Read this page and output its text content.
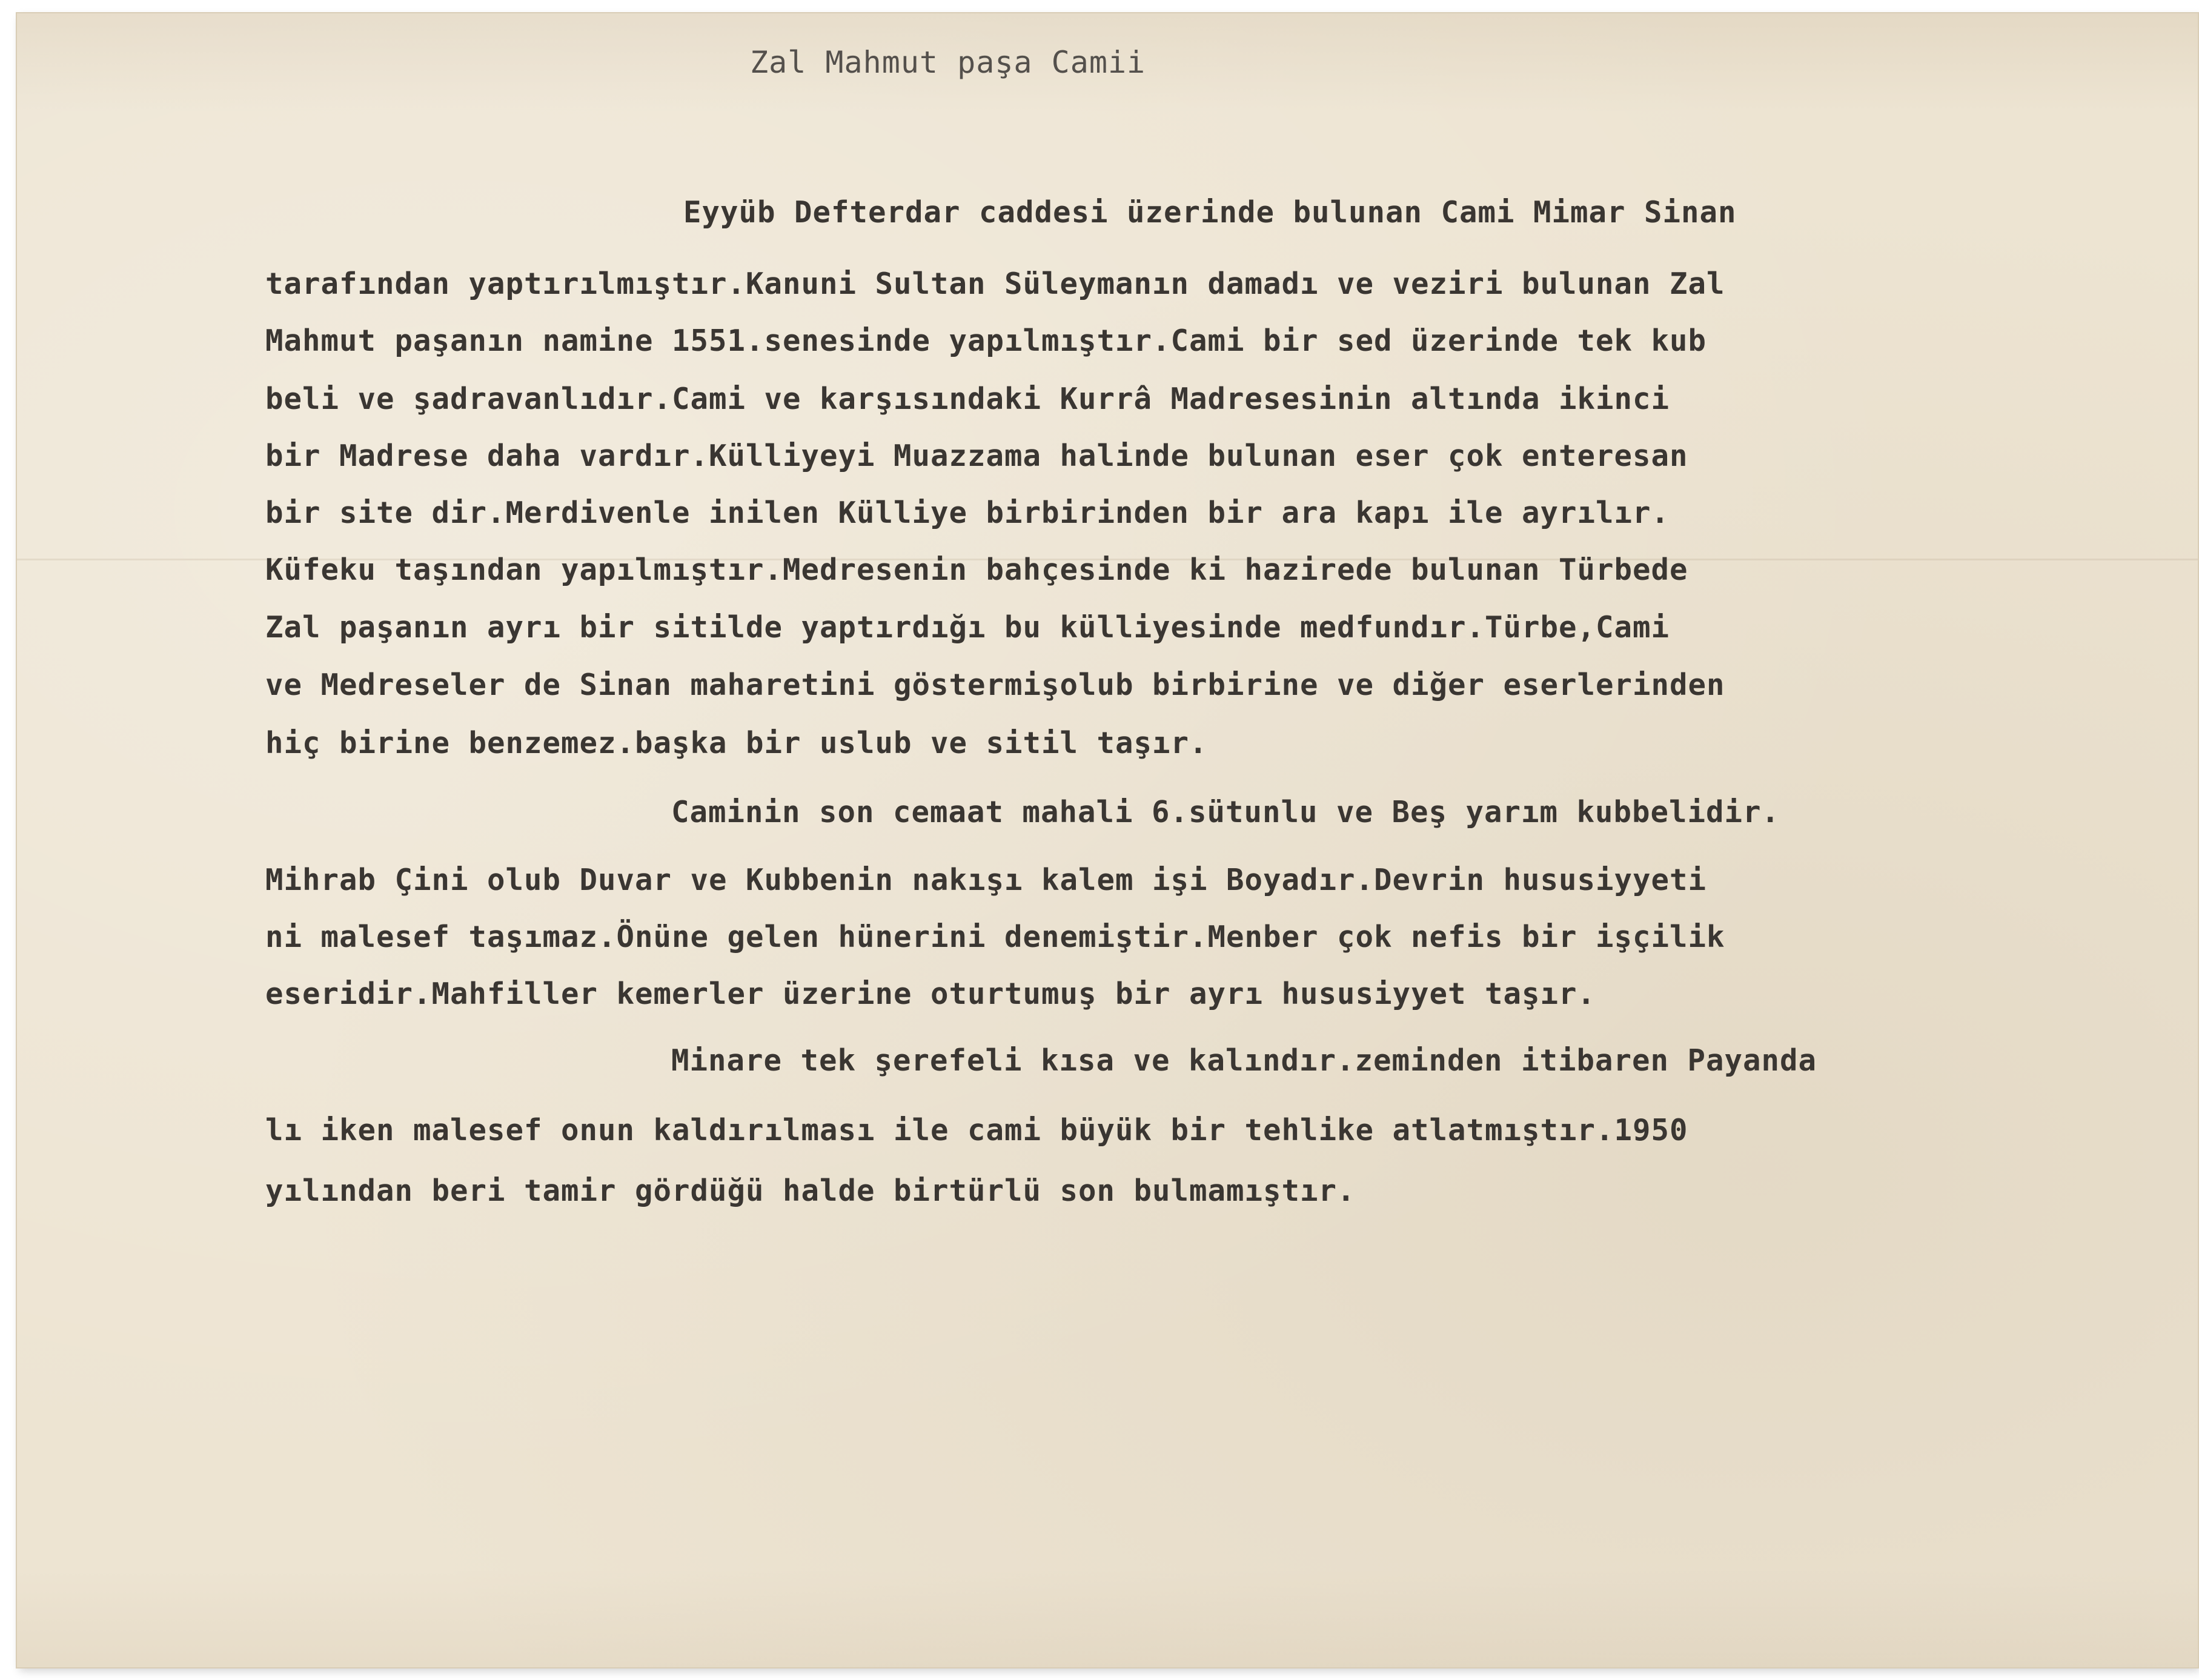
Zal Mahmut paşa Camii
Eyyüb Defterdar caddesi üzerinde bulunan Cami Mimar Sinan
tarafından yaptırılmıştır.Kanuni Sultan Süleymanın damadı ve veziri bulunan Zal
Mahmut paşanın namine 1551.senesinde yapılmıştır.Cami bir sed üzerinde tek kub
beli ve şadravanlıdır.Cami ve karşısındaki Kurrâ Madresesinin altında ikinci
bir Madrese daha vardır.Külliyeyi Muazzama halinde bulunan eser çok enteresan
bir site dir.Merdivenle inilen Külliye birbirinden bir ara kapı ile ayrılır.
Küfeku taşından yapılmıştır.Medresenin bahçesinde ki hazirede bulunan Türbede
Zal paşanın ayrı bir sitilde yaptırdığı bu külliyesinde medfundır.Türbe,Cami
ve Medreseler de Sinan maharetini göstermişolub birbirine ve diğer eserlerinden
hiç birine benzemez.başka bir uslub ve sitil taşır.
Caminin son cemaat mahali 6.sütunlu ve Beş yarım kubbelidir.
Mihrab Çini olub Duvar ve Kubbenin nakışı kalem işi Boyadır.Devrin hususiyyeti
ni malesef taşımaz.Önüne gelen hünerini denemiştir.Menber çok nefis bir işçilik
eseridir.Mahfiller kemerler üzerine oturtumuş bir ayrı hususiyyet taşır.
Minare tek şerefeli kısa ve kalındır.zeminden itibaren Payanda
lı iken malesef onun kaldırılması ile cami büyük bir tehlike atlatmıştır.1950
yılından beri tamir gördüğü halde birtürlü son bulmamıştır.
